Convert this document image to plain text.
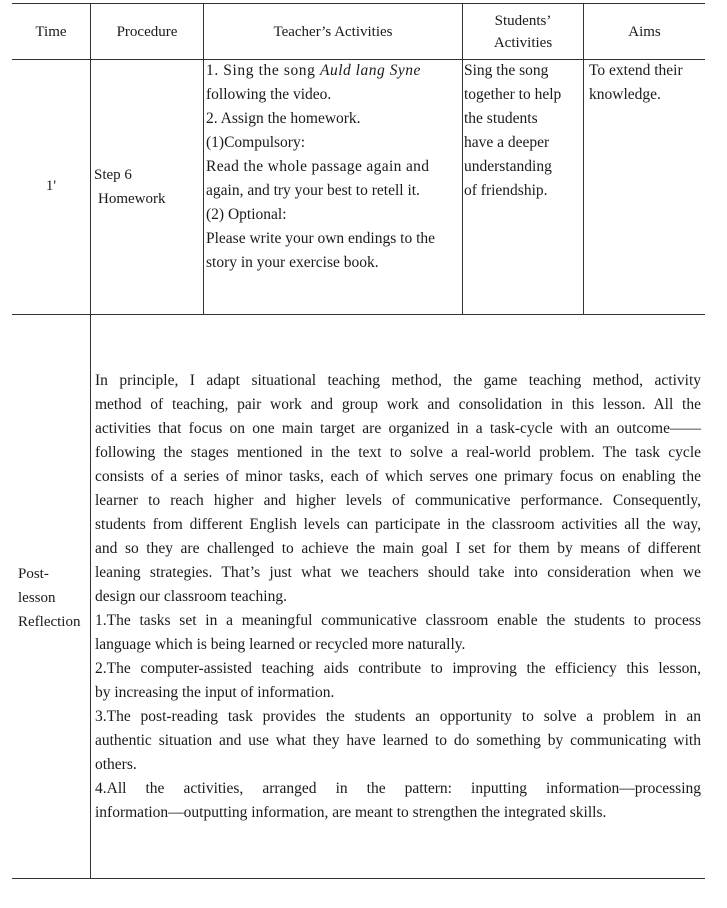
Time	Procedure	Teacher’s Activities
Students’ Activities
Aims
1'
Step 6
Homework
1. Sing the song Auld lang Syne
following the video.
2. Assign the homework.
(1)Compulsory:
Read the whole passage again and
again, and try your best to retell it.
(2) Optional:
Please write your own endings to the
story in your exercise book.
Sing the song
together to help
the students
have a deeper
understanding
of friendship.
To extend their
knowledge.
Post-
lesson
Reflection
In principle, I adapt situational teaching method, the game teaching method, activity
method of teaching, pair work and group work and consolidation in this lesson. All the
activities that focus on one main target are organized in a task-cycle with an outcome——
following the stages mentioned in the text to solve a real-world problem. The task cycle
consists of a series of minor tasks, each of which serves one primary focus on enabling the
learner to reach higher and higher levels of communicative performance. Consequently,
students from different English levels can participate in the classroom activities all the way,
and so they are challenged to achieve the main goal I set for them by means of different
leaning strategies. That’s just what we teachers should take into consideration when we
design our classroom teaching.
1.The tasks set in a meaningful communicative classroom enable the students to process
language which is being learned or recycled more naturally.
2.The computer-assisted teaching aids contribute to improving the efficiency this lesson,
by increasing the input of information.
3.The post-reading task provides the students an opportunity to solve a problem in an
authentic situation and use what they have learned to do something by communicating with
others.
4.All the activities, arranged in the pattern: inputting information—processing
information—outputting information, are meant to strengthen the integrated skills.
